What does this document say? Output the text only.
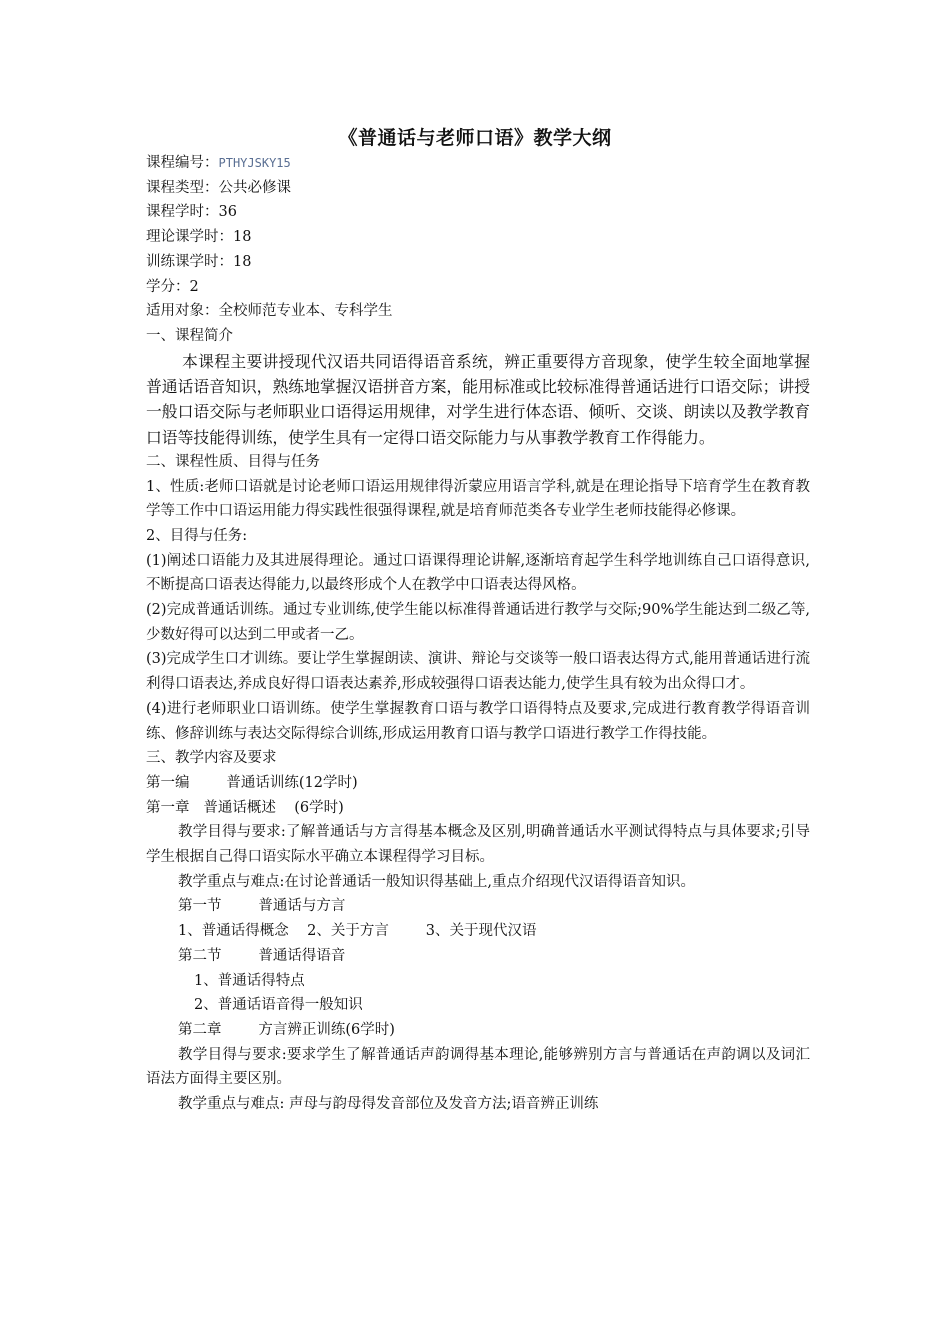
《普通话与老师口语》教学大纲
课程编号：PTHYJSKY15
课程类型：公共必修课
课程学时：36
理论课学时：18
训练课学时：18
学分：2
适用对象：全校师范专业本、专科学生
一、课程简介

本课程主要讲授现代汉语共同语得语音系统，辨正重要得方音现象，使学生较全面地掌握普通话语音知识，熟练地掌握汉语拼音方案，能用标准或比较标准得普通话进行口语交际；讲授一般口语交际与老师职业口语得运用规律，对学生进行体态语、倾听、交谈、朗读以及教学教育口语等技能得训练，使学生具有一定得口语交际能力与从事教学教育工作得能力。

二、课程性质、目得与任务

1、性质:老师口语就是讨论老师口语运用规律得沂蒙应用语言学科,就是在理论指导下培育学生在教育教学等工作中口语运用能力得实践性很强得课程,就是培育师范类各专业学生老师技能得必修课。

2、目得与任务:

(1)阐述口语能力及其进展得理论。通过口语课得理论讲解,逐渐培育起学生科学地训练自己口语得意识,不断提高口语表达得能力,以最终形成个人在教学中口语表达得风格。

(2)完成普通话训练。通过专业训练,使学生能以标准得普通话进行教学与交际;90%学生能达到二级乙等,少数好得可以达到二甲或者一乙。

(3)完成学生口才训练。要让学生掌握朗读、演讲、辩论与交谈等一般口语表达得方式,能用普通话进行流利得口语表达,养成良好得口语表达素养,形成较强得口语表达能力,使学生具有较为出众得口才。

(4)进行老师职业口语训练。使学生掌握教育口语与教学口语得特点及要求,完成进行教育教学得语音训练、修辞训练与表达交际得综合训练,形成运用教育口语与教学口语进行教学工作得技能。

三、教学内容及要求
第一编        普通话训练(12学时)
第一章   普通话概述    (6学时)

教学目得与要求:了解普通话与方言得基本概念及区别,明确普通话水平测试得特点与具体要求;引导学生根据自己得口语实际水平确立本课程得学习目标。

教学重点与难点:在讨论普通话一般知识得基础上,重点介绍现代汉语得语音知识。

第一节        普通话与方言
1、普通话得概念    2、关于方言        3、关于现代汉语
第二节        普通话得语音
1、普通话得特点
2、普通话语音得一般知识
第二章        方言辨正训练(6学时)

教学目得与要求:要求学生了解普通话声韵调得基本理论,能够辨别方言与普通话在声韵调以及词汇语法方面得主要区别。

教学重点与难点: 声母与韵母得发音部位及发音方法;语音辨正训练
